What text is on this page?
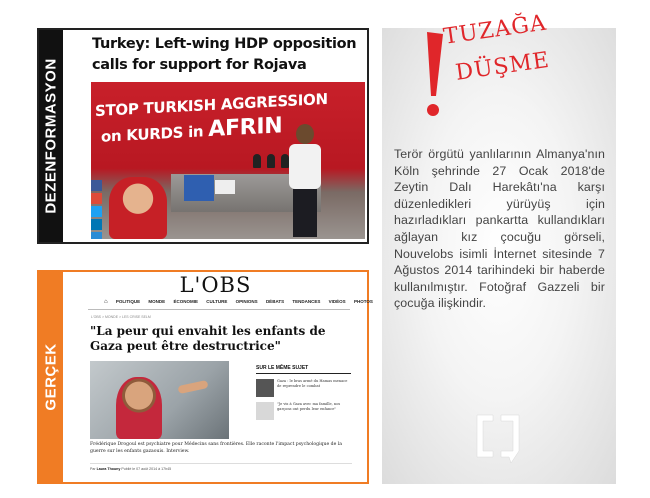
DEZENFORMASYON
Turkey: Left-wing HDP opposition calls for support for Rojava
STOP TURKISH AGGRESSION
on KURDS in AFRIN
GERÇEK
L'OBS
⌂ POLITIQUE MONDE ÉCONOMIE CULTURE OPINIONS DÉBATS TENDANCES VIDÉOS PHOTOS
L'OBS > MONDE > LES CRISE SELM
"La peur qui envahit les enfants de Gaza peut être destructrice"
SUR LE MÊME SUJET
Gaza : le bras armé du Hamas menace de reprendre le combat
"Je vis à Gaza avec ma famille, nos garçons ont perdu leur enfance"
Frédérique Drogoul est psychiatre pour Médecins sans frontières. Elle raconte l'impact psychologique de la guerre sur les enfants gazaouis. Interview.
Par Laura Thouny Publié le 07 août 2014 à 17h45
TUZAĞA
DÜŞME
Terör örgütü yanlılarının Almanya'nın Köln şehrinde 27 Ocak 2018'de Zeytin Dalı Harekâtı'na karşı düzenledikleri yürüyüş için hazırladıkları pankartta kullandıkları ağlayan kız çocuğu görseli, Nouvelobs isimli İnternet sitesinde 7 Ağustos 2014 tarihindeki bir haberde kullanılmıştır. Fotoğraf Gazzeli bir çocuğa ilişkindir.
